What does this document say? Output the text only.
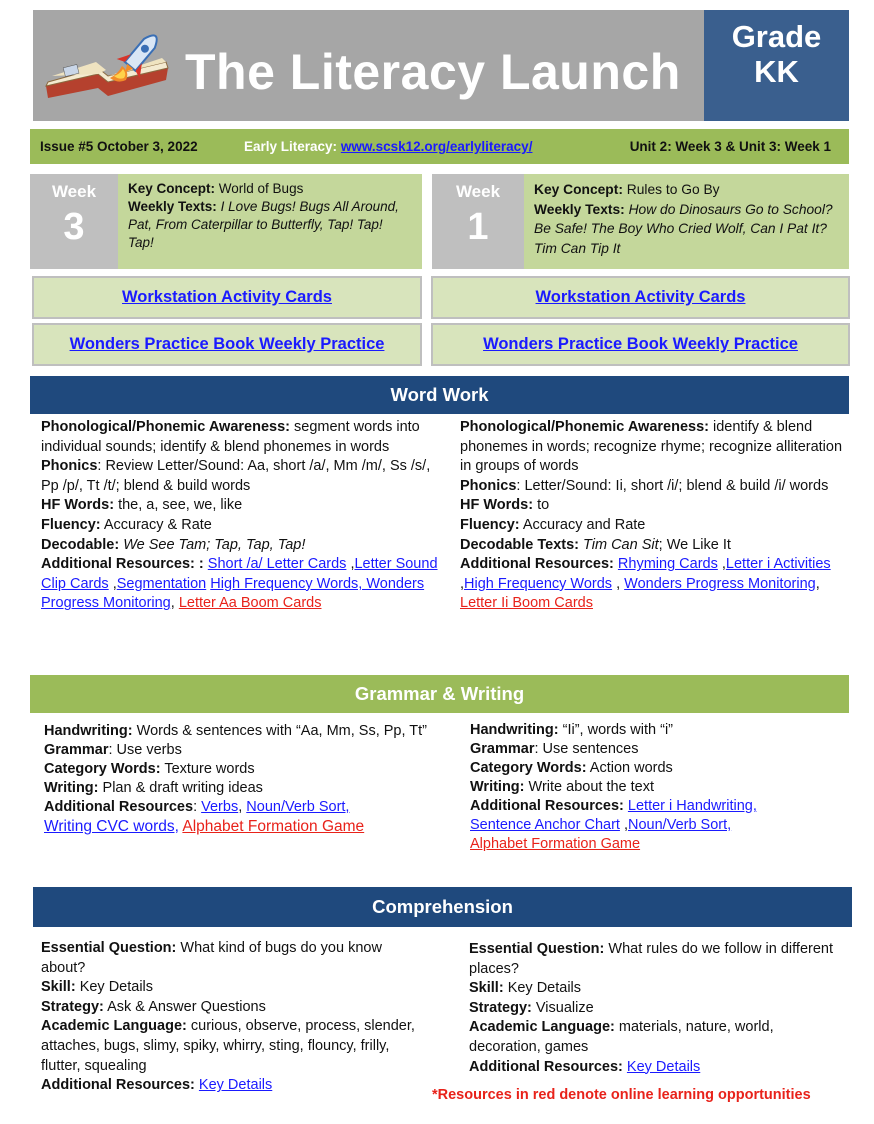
The Literacy Launch
Grade
KK
Issue #5 October 3, 2022	Early Literacy: www.scsk12.org/earlyliteracy/	Unit 2: Week 3 & Unit 3: Week 1
Week
3
Key Concept: World of Bugs
Weekly Texts: I Love Bugs! Bugs All Around, Pat, From Caterpillar to Butterfly, Tap! Tap! Tap!
Week
1
Key Concept: Rules to Go By
Weekly Texts: How do Dinosaurs Go to School? Be Safe! The Boy Who Cried Wolf, Can I Pat It? Tim Can Tip It
Workstation Activity Cards	Workstation Activity Cards
Wonders Practice Book Weekly Practice	Wonders Practice Book Weekly Practice
Word Work
Phonological/Phonemic Awareness: segment words into individual sounds; identify & blend phonemes in words
Phonics: Review Letter/Sound: Aa, short /a/, Mm /m/, Ss /s/, Pp /p/, Tt /t/; blend & build words
HF Words: the, a, see, we, like
Fluency: Accuracy & Rate
Decodable: We See Tam; Tap, Tap, Tap!
Additional Resources: : Short /a/ Letter Cards ,Letter Sound Clip Cards ,Segmentation High Frequency Words, Wonders Progress Monitoring, Letter Aa Boom Cards
Phonological/Phonemic Awareness: identify & blend phonemes in words; recognize rhyme; recognize alliteration in groups of words
Phonics: Letter/Sound: Ii, short /i/; blend & build /i/ words
HF Words: to
Fluency: Accuracy and Rate
Decodable Texts: Tim Can Sit; We Like It
Additional Resources: Rhyming Cards ,Letter i Activities ,High Frequency Words , Wonders Progress Monitoring, Letter Ii Boom Cards
Grammar & Writing
Handwriting: Words & sentences with “Aa, Mm, Ss, Pp, Tt”
Grammar: Use verbs
Category Words: Texture words
Writing: Plan & draft writing ideas
Additional Resources: Verbs, Noun/Verb Sort,
Writing CVC words, Alphabet Formation Game
Handwriting: “Ii”, words with “i”
Grammar: Use sentences
Category Words: Action words
Writing: Write about the text
Additional Resources: Letter i Handwriting,
Sentence Anchor Chart ,Noun/Verb Sort,
Alphabet Formation Game
Comprehension
Essential Question: What kind of bugs do you know about?
Skill: Key Details
Strategy: Ask & Answer Questions
Academic Language: curious, observe, process, slender, attaches, bugs, slimy, spiky, whirry, sting, flouncy, frilly, flutter, squealing
Additional Resources: Key Details
Essential Question: What rules do we follow in different places?
Skill: Key Details
Strategy: Visualize
Academic Language: materials, nature, world, decoration, games
Additional Resources: Key Details
*Resources in red denote online learning opportunities
